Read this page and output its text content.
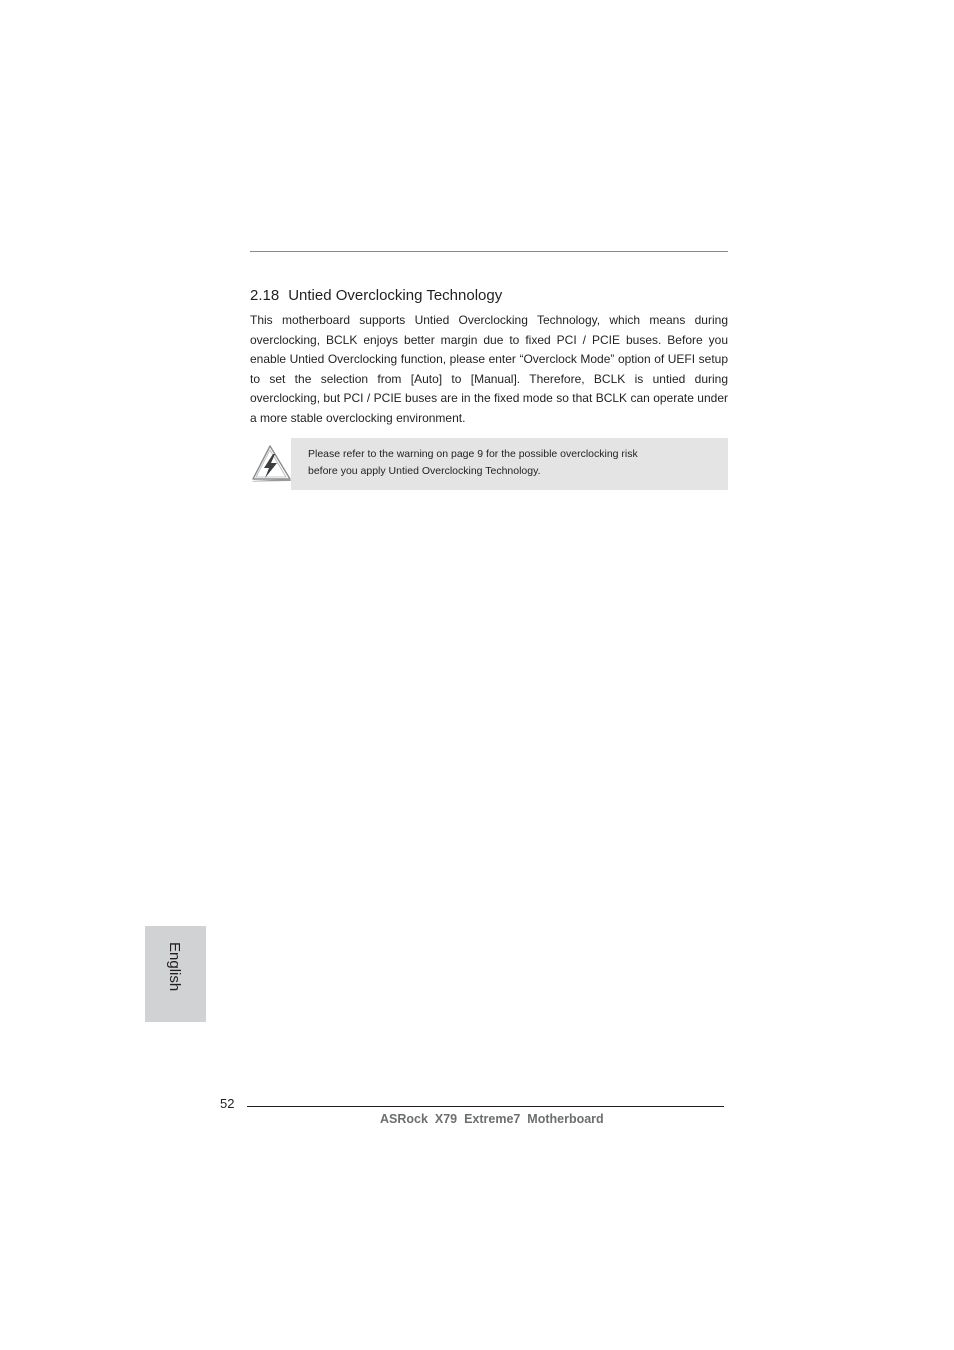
2.18 Untied Overclocking Technology

This motherboard supports Untied Overclocking Technology, which means during overclocking, BCLK enjoys better margin due to fixed PCI / PCIE buses. Before you enable Untied Overclocking function, please enter “Overclock Mode” option of UEFI setup to set the selection from [Auto] to [Manual]. Therefore, BCLK is untied during overclocking, but PCI / PCIE buses are in the fixed mode so that BCLK can operate under a more stable overclocking environment.

Please refer to the warning on page 9 for the possible overclocking risk
before you apply Untied Overclocking Technology.
English
52
ASRock  X79  Extreme7  Motherboard
